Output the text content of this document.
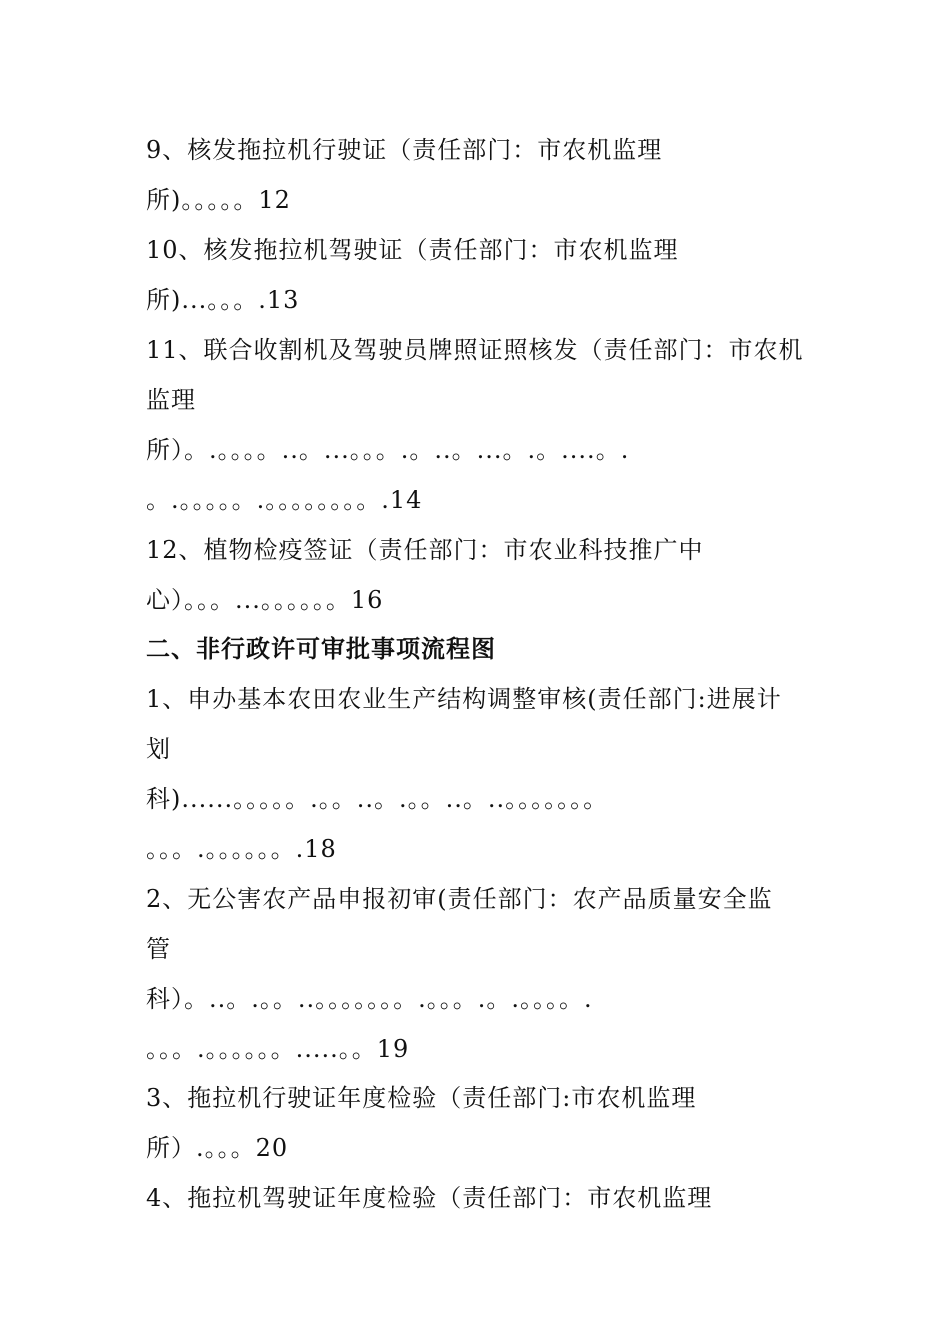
9、核发拖拉机行驶证（责任部门：市农机监理
所)。。。。。12
10、核发拖拉机驾驶证（责任部门：市农机监理
所)...。。。.13
11、联合收割机及驾驶员牌照证照核发（责任部门：市农机
监理
所）。.。。。。..。...。。。.。..。...。.。....。.
。.。。。。。.。。。。。。。。.14
12、植物检疫签证（责任部门：市农业科技推广中
心）。。。...。。。。。。16
二、非行政许可审批事项流程图
1、申办基本农田农业生产结构调整审核(责任部门:进展计
划
科)......。。。。。.。。..。.。。..。..。。。。。。。
。。。.。。。。。。.18
2、无公害农产品申报初审(责任部门：农产品质量安全监
管
科）。..。.。。..。。。。。。。.。。。.。.。。。。.
。。。.。。。。。。.....。。19
3、拖拉机行驶证年度检验（责任部门:市农机监理
所）.。。。20
4、拖拉机驾驶证年度检验（责任部门：市农机监理
